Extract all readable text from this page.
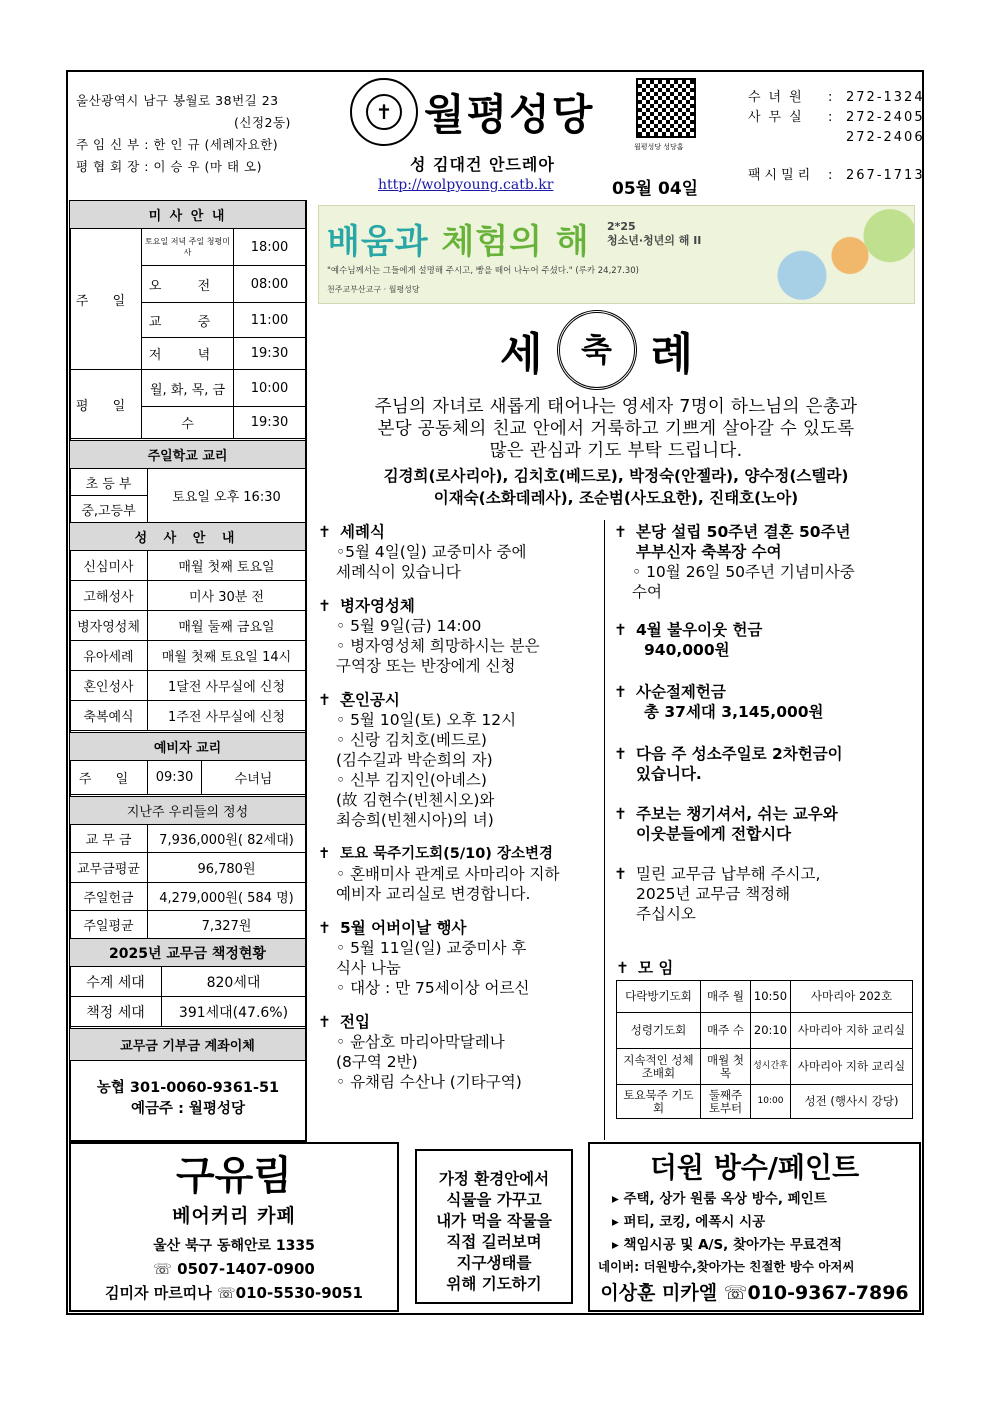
울산광역시 남구 봉월로 38번길 23
(신정2동)
주 임 신 부 : 한 인 규 (세례자요한)
평 협 회 장 : 이 승 우 (마 태 오)
✝ 월평성당
성 김대건 안드레아
http://wolpyoung.catb.kr	05월 04일
월평성당 성당홈
수녀원	: 272-1324
사무실	: 272-2405
272-2406
팩시밀리	: 267-1713
미 사 안 내		
주 일	토요일 저녁 주일 청평미사	18:00
	오 전	08:00
	교 중	11:00
	저 녁	19:30
평 일	월, 화, 목, 금	10:00
	수	19:30
주일학교 교리
초 등 부	토요일 오후 16:30
중,고등부
성 사 안 내	
신심미사	매월 첫째 토요일
고해성사	미사 30분 전
병자영성체	매월 둘째 금요일
유아세례	매월 첫째 토요일 14시
혼인성사	1달전 사무실에 신청
축복예식	1주전 사무실에 신청
예비자 교리
주 일	09:30	수녀님
지난주 우리들의 정성	
교 무 금	7,936,000원( 82세대)
교무금평균	96,780원
주일헌금	4,279,000원( 584 명)
주일평균	7,327원
2025년 교무금 책정현황	
수계 세대	820세대
책정 세대	391세대(47.6%)
교무금 기부금 계좌이체
농협 301-0060-9361-51
예금주 : 월평성당
배움과 체험의 해 2*25
청소년·청년의 해 II
"예수님께서는 그들에게 설명해 주시고, 빵을 떼어 나누어 주셨다." (루카 24,27.30)
천주교부산교구 · 월평성당
세	축 례
주님의 자녀로 새롭게 태어나는 영세자 7명이 하느님의 은총과
본당 공동체의 친교 안에서 거룩하고 기쁘게 살아갈 수 있도록
많은 관심과 기도 부탁 드립니다.
김경희(로사리아), 김치호(베드로), 박정숙(안젤라), 양수정(스텔라)
이재숙(소화데레사), 조순범(사도요한), 진태호(노아)
✝ 세례식
◦5월 4일(일) 교중미사 중에
세례식이 있습니다
✝ 병자영성체
◦ 5월 9일(금) 14:00
◦ 병자영성체 희망하시는 분은
구역장 또는 반장에게 신청
✝ 혼인공시
◦ 5월 10일(토) 오후 12시
◦ 신랑 김치호(베드로)
(김수길과 박순희의 자)
◦ 신부 김지인(아녜스)
(故 김현수(빈첸시오)와
최승희(빈첸시아)의 녀)
✝ 토요 묵주기도회(5/10) 장소변경
◦ 혼배미사 관계로 사마리아 지하
예비자 교리실로 변경합니다.
✝ 5월 어버이날 행사
◦ 5월 11일(일) 교중미사 후
식사 나눔
◦ 대상 : 만 75세이상 어르신
✝ 전입
◦ 윤삼호 마리아막달레나
(8구역 2반)
◦ 유채림 수산나 (기타구역)
✝ 본당 설립 50주년 결혼 50주년
부부신자 축복장 수여
◦ 10월 26일 50주년 기념미사중
수여
✝ 4월 불우이웃 헌금
940,000원
✝ 사순절제헌금
총 37세대 3,145,000원
✝ 다음 주 성소주일로 2차헌금이
있습니다.
✝ 주보는 챙기셔서, 쉬는 교우와
이웃분들에게 전합시다
✝ 밀린 교무금 납부해 주시고,
2025년 교무금 책정해
주십시오
✝ 모 임
다락방기도회	매주 월	10:50	사마리아 202호
성령기도회	매주 수	20:10	사마리아 지하 교리실
지속적인 성체 조배회	매월 첫 목	성시간후	사마리아 지하 교리실
토요묵주 기도회	둘째주 토부터	10:00	성전 (행사시 강당)
구유림
베어커리 카페
울산 북구 동해안로 1335
☏ 0507-1407-0900
김미자 마르띠나 ☏010-5530-9051
가정 환경안에서
식물을 가꾸고
내가 먹을 작물을
직접 길러보며
지구생태를
위해 기도하기
더원 방수/페인트
▸ 주택, 상가 원룸 옥상 방수, 페인트
▸ 퍼티, 코킹, 에폭시 시공
▸ 책임시공 및 A/S, 찾아가는 무료견적
네이버: 더원방수,찾아가는 친절한 방수 아저씨
이상훈 미카엘 ☏010-9367-7896
